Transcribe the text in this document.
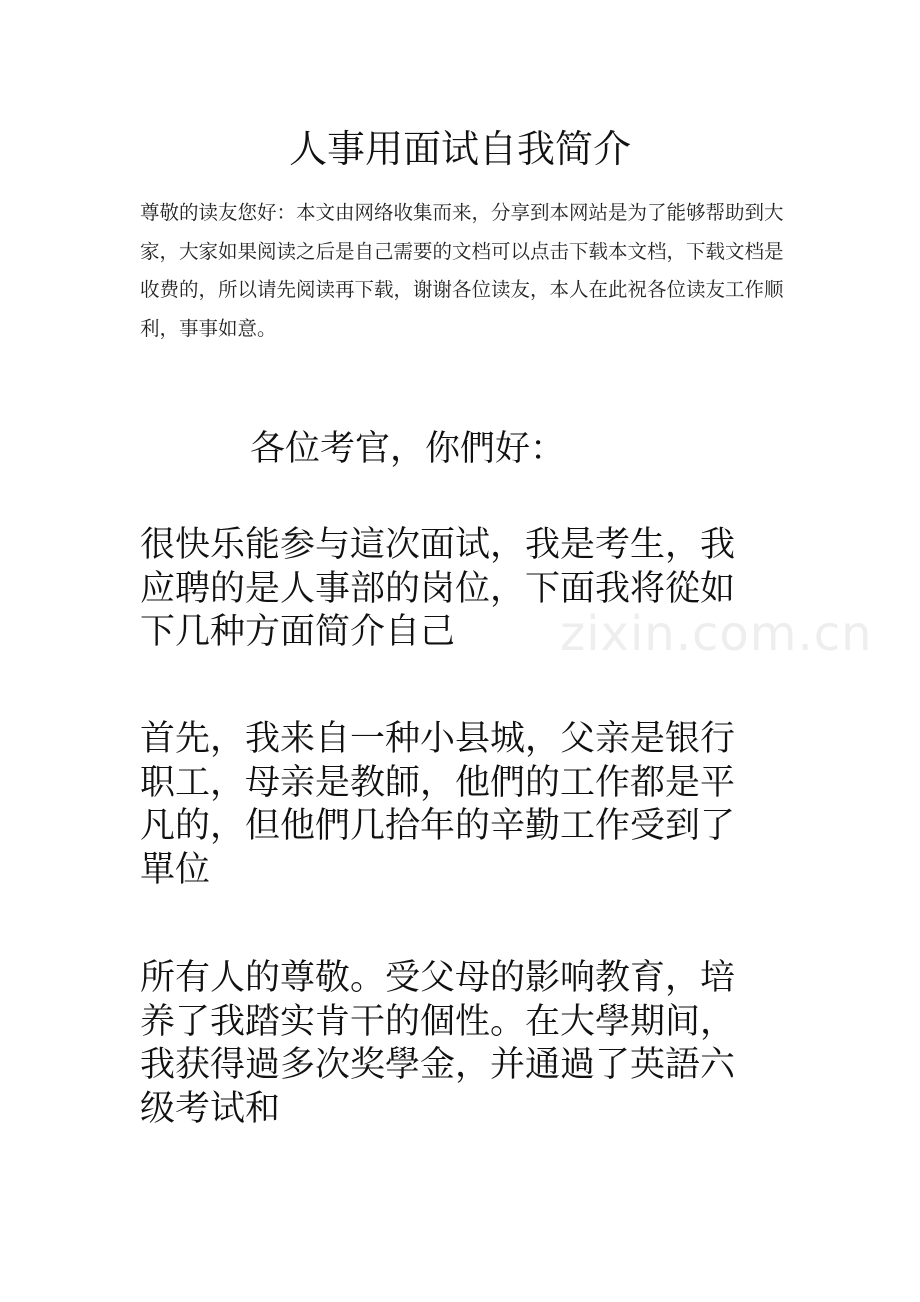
人事用面试自我简介
尊敬的读友您好：本文由网络收集而来，分享到本网站是为了能够帮助到大
家，大家如果阅读之后是自己需要的文档可以点击下载本文档，下载文档是
收费的，所以请先阅读再下载，谢谢各位读友，本人在此祝各位读友工作顺
利，事事如意。
各位考官，你們好：
很快乐能参与這次面试，我是考生，我
应聘的是人事部的岗位，下面我将從如
下几种方面简介自己	zixin.com.cn
首先，我来自一种小县城，父亲是银行
职工，母亲是教師，他們的工作都是平
凡的，但他們几拾年的辛勤工作受到了
單位
所有人的尊敬。受父母的影响教育，培
养了我踏实肯干的個性。在大學期间，
我获得過多次奖學金，并通過了英語六
级考试和
